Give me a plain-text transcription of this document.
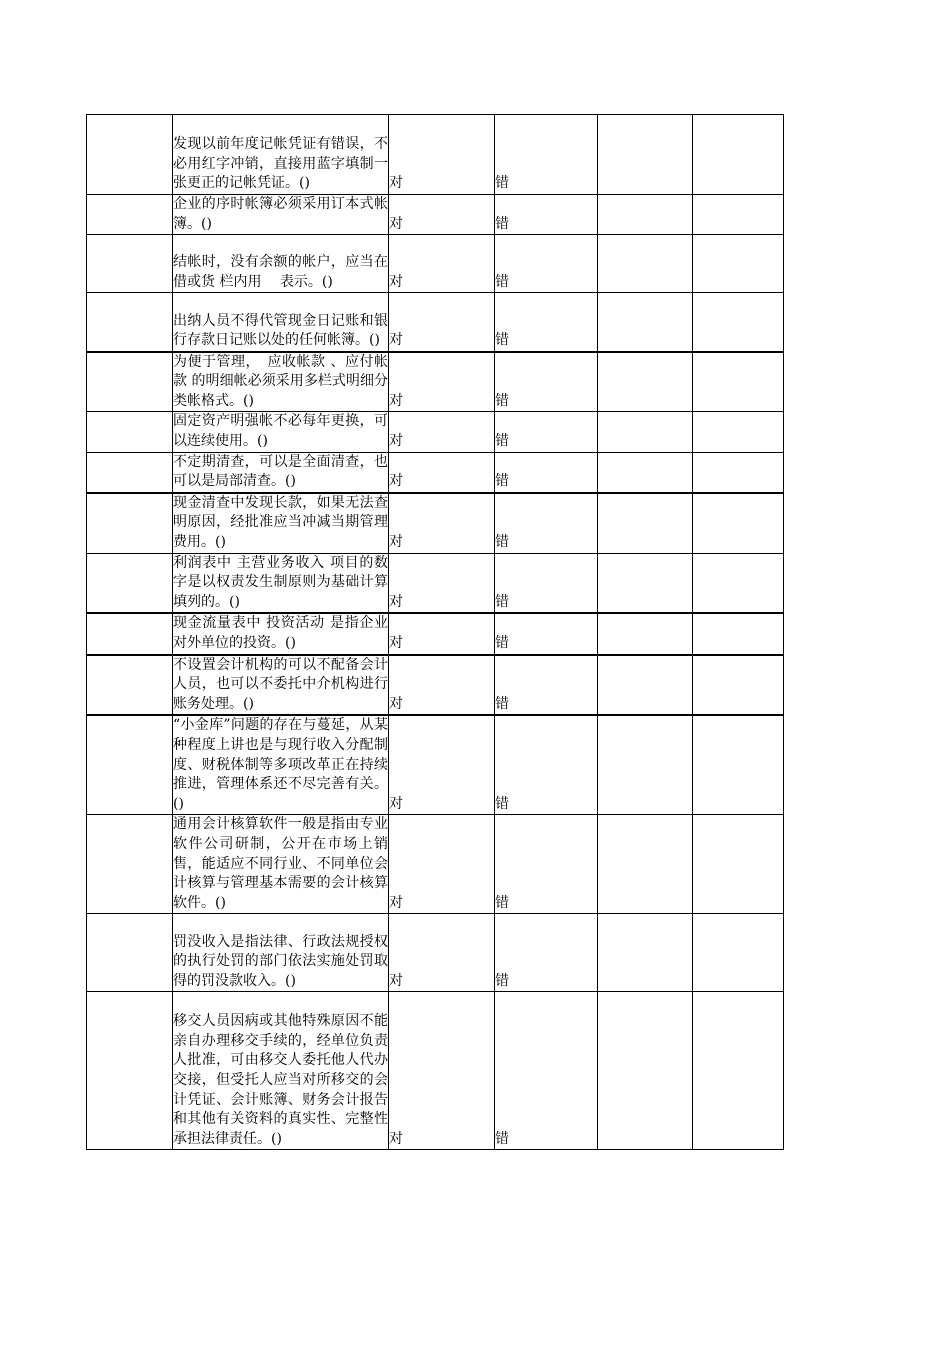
	发现以前年度记帐凭证有错误，不必用红字冲销，直接用蓝字填制一张更正的记帐凭证。()	对	错		
	企业的序时帐簿必须采用订本式帐簿。()	对	错		
	结帐时，没有余额的帐户，应当在 借或货 栏内用　 表示。()	对	错		
	出纳人员不得代管现金日记账和银行存款日记账以处的任何帐簿。()	对	错		
	为便于管理，　应收帐款 、应付帐款 的明细帐必须采用多栏式明细分类帐格式。()	对	错		
	固定资产明强帐不必每年更换，可以连续使用。()	对	错		
	不定期清查，可以是全面清查，也可以是局部清查。()	对	错		
	现金清查中发现长款，如果无法查明原因，经批准应当冲减当期管理费用。()	对	错		
	利润表中 主营业务收入 项目的数字是以权责发生制原则为基础计算填列的。()	对	错		
	现金流量表中 投资活动 是指企业对外单位的投资。()	对	错		
	不设置会计机构的可以不配备会计人员，也可以不委托中介机构进行账务处理。()	对	错		
	“小金库”问题的存在与蔓延，从某种程度上讲也是与现行收入分配制度、财税体制等多项改革正在持续推进，管理体系还不尽完善有关。()	对	错		
	通用会计核算软件一般是指由专业软件公司研制，公开在市场上销售，能适应不同行业、不同单位会计核算与管理基本需要的会计核算软件。()	对	错		
	罚没收入是指法律、行政法规授权的执行处罚的部门依法实施处罚取得的罚没款收入。()	对	错		
	移交人员因病或其他特殊原因不能亲自办理移交手续的，经单位负责人批准，可由移交人委托他人代办交接，但受托人应当对所移交的会计凭证、会计账簿、财务会计报告和其他有关资料的真实性、完整性承担法律责任。()	对	错		
